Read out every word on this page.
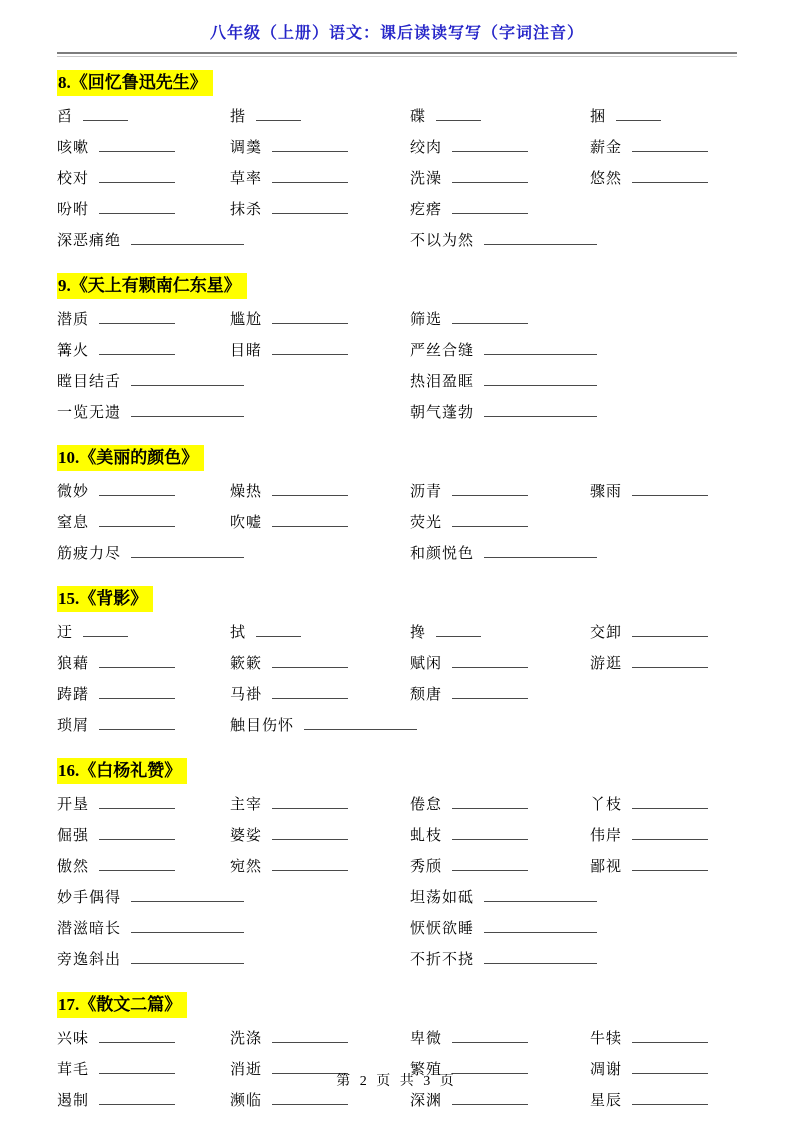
八年级（上册）语文：课后读读写写（字词注音）
8.《回忆鲁迅先生》
舀	揩	碟	捆
咳嗽	调羹	绞肉	薪金
校对	草率	洗澡	悠然
吩咐	抹杀	疙瘩
深恶痛绝	不以为然
9.《天上有颗南仁东星》
潜质	尴尬	筛选
篝火	目睹	严丝合缝
瞠目结舌	热泪盈眶
一览无遗	朝气蓬勃
10.《美丽的颜色》
微妙	燥热	沥青	骤雨
窒息	吹嘘	荧光
筋疲力尽	和颜悦色
15.《背影》
迂	拭	搀	交卸
狼藉	簌簌	赋闲	游逛
踌躇	马褂	颓唐
琐屑	触目伤怀
16.《白杨礼赞》
开垦	主宰	倦怠	丫枝
倔强	婆娑	虬枝	伟岸
傲然	宛然	秀颀	鄙视
妙手偶得	坦荡如砥
潜滋暗长	恹恹欲睡
旁逸斜出	不折不挠
17.《散文二篇》
兴味	洗涤	卑微	牛犊
茸毛	消逝	繁殖	凋谢
遏制	濒临	深渊	星辰
第 2 页 共 3 页
